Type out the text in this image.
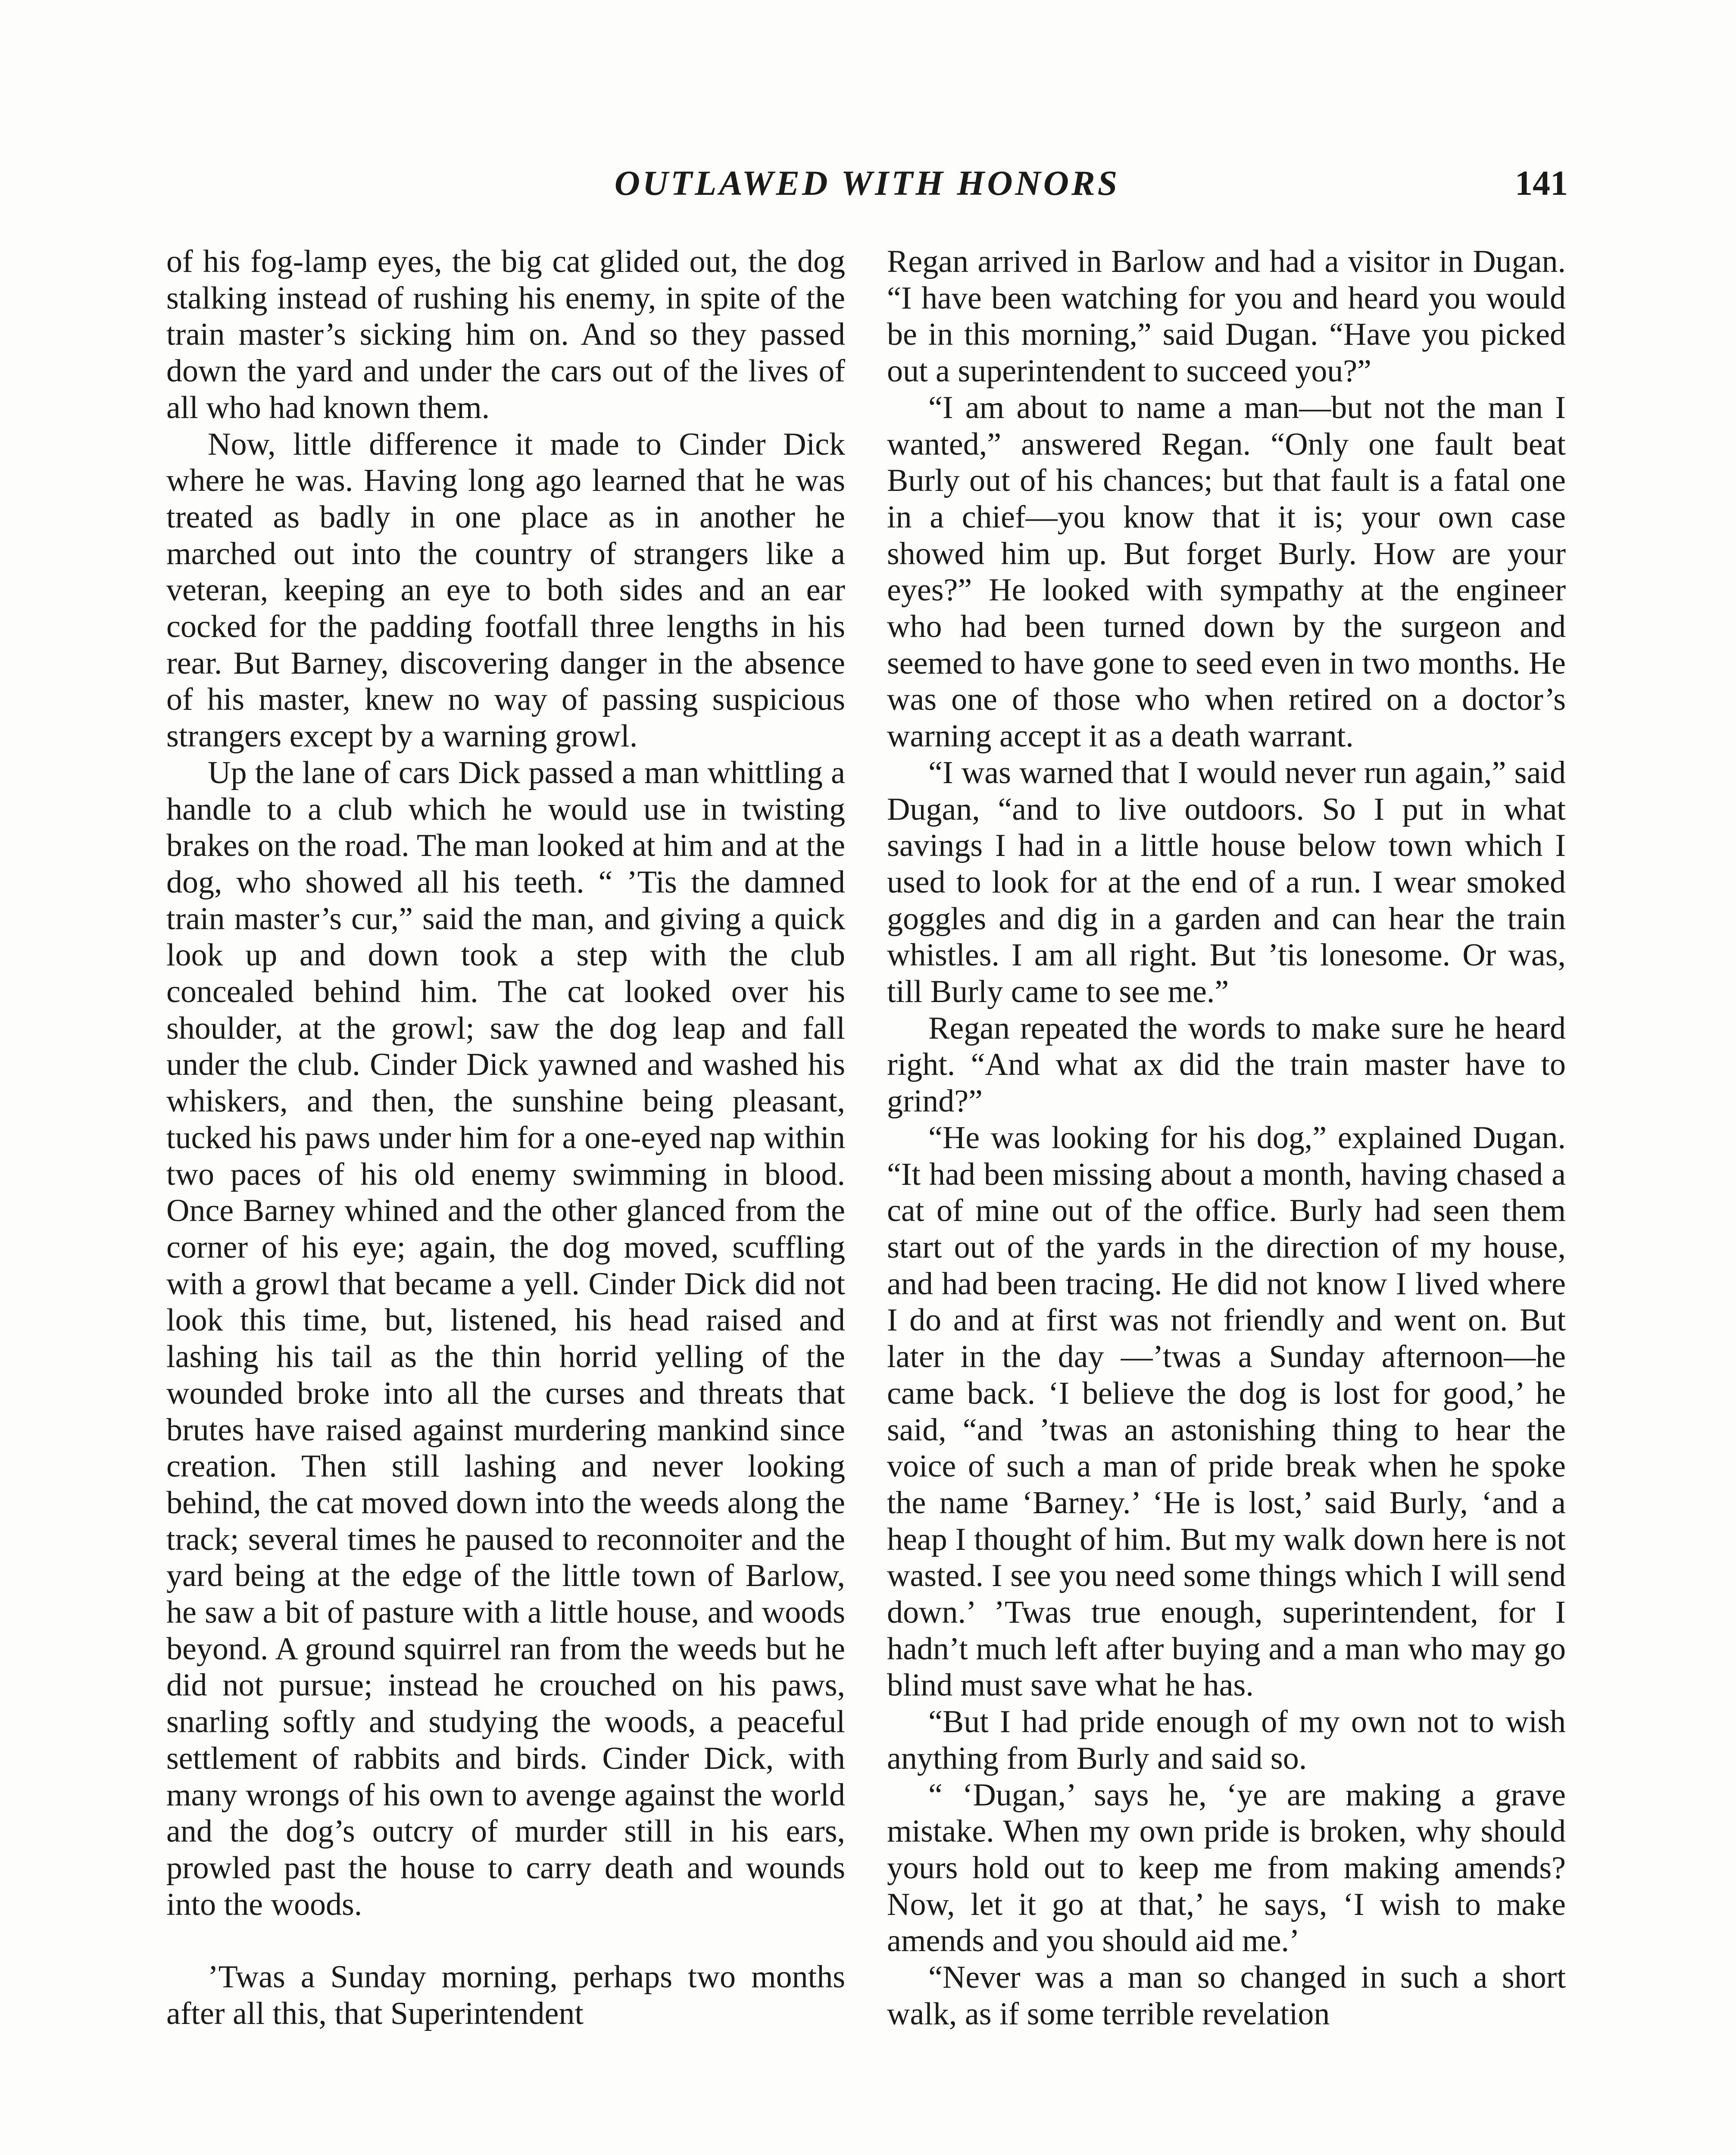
OUTLAWED WITH HONORS	141

of his fog-lamp eyes, the big cat glided out, the dog stalking instead of rushing his enemy, in spite of the train master’s sicking him on. And so they passed down the yard and under the cars out of the lives of all who had known them.

Now, little difference it made to Cinder Dick where he was. Having long ago learned that he was treated as badly in one place as in another he marched out into the country of strangers like a veteran, keeping an eye to both sides and an ear cocked for the padding footfall three lengths in his rear. But Barney, discovering danger in the absence of his master, knew no way of passing suspicious strangers except by a warning growl.

Up the lane of cars Dick passed a man whittling a handle to a club which he would use in twisting brakes on the road. The man looked at him and at the dog, who showed all his teeth. “ ’Tis the damned train master’s cur,” said the man, and giving a quick look up and down took a step with the club concealed behind him. The cat looked over his shoulder, at the growl; saw the dog leap and fall under the club. Cinder Dick yawned and washed his whiskers, and then, the sunshine being pleasant, tucked his paws under him for a one-eyed nap within two paces of his old enemy swimming in blood. Once Barney whined and the other glanced from the corner of his eye; again, the dog moved, scuffling with a growl that became a yell. Cinder Dick did not look this time, but, listened, his head raised and lashing his tail as the thin horrid yelling of the wounded broke into all the curses and threats that brutes have raised against murdering mankind since creation. Then still lashing and never looking behind, the cat moved down into the weeds along the track; several times he paused to reconnoiter and the yard being at the edge of the little town of Barlow, he saw a bit of pasture with a little house, and woods beyond. A ground squirrel ran from the weeds but he did not pursue; instead he crouched on his paws, snarling softly and studying the woods, a peaceful settlement of rabbits and birds. Cinder Dick, with many wrongs of his own to avenge against the world and the dog’s outcry of murder still in his ears, prowled past the house to carry death and wounds into the woods.

’Twas a Sunday morning, perhaps two months after all this, that Superintendent

Regan arrived in Barlow and had a visitor in Dugan. “I have been watching for you and heard you would be in this morning,” said Dugan. “Have you picked out a superintendent to succeed you?”

“I am about to name a man—but not the man I wanted,” answered Regan. “Only one fault beat Burly out of his chances; but that fault is a fatal one in a chief—you know that it is; your own case showed him up. But forget Burly. How are your eyes?” He looked with sympathy at the engineer who had been turned down by the surgeon and seemed to have gone to seed even in two months. He was one of those who when retired on a doctor’s warning accept it as a death warrant.

“I was warned that I would never run again,” said Dugan, “and to live outdoors. So I put in what savings I had in a little house below town which I used to look for at the end of a run. I wear smoked goggles and dig in a garden and can hear the train whistles. I am all right. But ’tis lonesome. Or was, till Burly came to see me.”

Regan repeated the words to make sure he heard right. “And what ax did the train master have to grind?”

“He was looking for his dog,” explained Dugan. “It had been missing about a month, having chased a cat of mine out of the office. Burly had seen them start out of the yards in the direction of my house, and had been tracing. He did not know I lived where I do and at first was not friendly and went on. But later in the day —’twas a Sunday afternoon—he came back. ‘I believe the dog is lost for good,’ he said, “and ’twas an astonishing thing to hear the voice of such a man of pride break when he spoke the name ‘Barney.’ ‘He is lost,’ said Burly, ‘and a heap I thought of him. But my walk down here is not wasted. I see you need some things which I will send down.’ ’Twas true enough, superintendent, for I hadn’t much left after buying and a man who may go blind must save what he has.

“But I had pride enough of my own not to wish anything from Burly and said so.

“ ‘Dugan,’ says he, ‘ye are making a grave mistake. When my own pride is broken, why should yours hold out to keep me from making amends? Now, let it go at that,’ he says, ‘I wish to make amends and you should aid me.’

“Never was a man so changed in such a short walk, as if some terrible revelation
